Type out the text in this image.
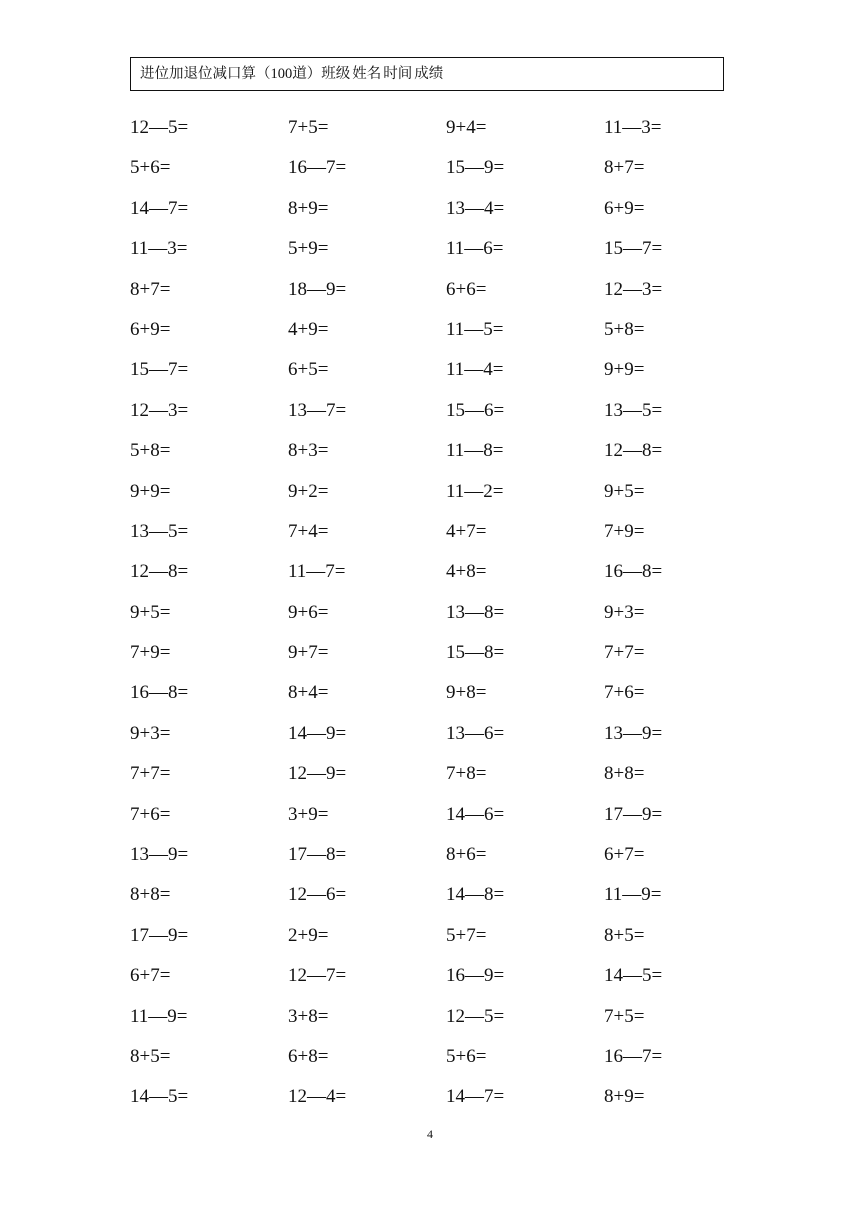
进位加退位减口算（100道）班级 姓名 时间 成绩
12—5=	7+5=	9+4=	11—3=
5+6=	16—7=	15—9=	8+7=
14—7=	8+9=	13—4=	6+9=
11—3=	5+9=	11—6=	15—7=
8+7=	18—9=	6+6=	12—3=
6+9=	4+9=	11—5=	5+8=
15—7=	6+5=	11—4=	9+9=
12—3=	13—7=	15—6=	13—5=
5+8=	8+3=	11—8=	12—8=
9+9=	9+2=	11—2=	9+5=
13—5=	7+4=	4+7=	7+9=
12—8=	11—7=	4+8=	16—8=
9+5=	9+6=	13—8=	9+3=
7+9=	9+7=	15—8=	7+7=
16—8=	8+4=	9+8=	7+6=
9+3=	14—9=	13—6=	13—9=
7+7=	12—9=	7+8=	8+8=
7+6=	3+9=	14—6=	17—9=
13—9=	17—8=	8+6=	6+7=
8+8=	12—6=	14—8=	11—9=
17—9=	2+9=	5+7=	8+5=
6+7=	12—7=	16—9=	14—5=
11—9=	3+8=	12—5=	7+5=
8+5=	6+8=	5+6=	16—7=
14—5=	12—4=	14—7=	8+9=
4
